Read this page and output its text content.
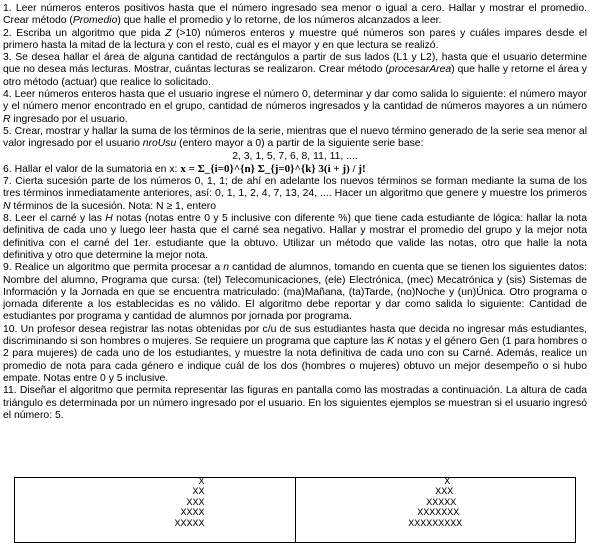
1. Leer números enteros positivos hasta que el número ingresado sea menor o igual a cero. Hallar y mostrar el promedio. Crear método (Promedio) que halle el promedio y lo retorne, de los números alcanzados a leer.

2. Escriba un algoritmo que pida Z (>10) números enteros y muestre qué números son pares y cuáles impares desde el primero hasta la mitad de la lectura y con el resto, cual es el mayor y en que lectura se realizó.

3. Se desea hallar el área de alguna cantidad de rectángulos a partir de sus lados (L1 y L2), hasta que el usuario determine que no desea más lecturas. Mostrar, cuántas lecturas se realizaron. Crear método (procesarArea) que halle y retorne el área y otro método (actuar) que realice lo solicitado.

4. Leer números enteros hasta que el usuario ingrese el número 0, determinar y dar como salida lo siguiente: el número mayor y el número menor encontrado en el grupo, cantidad de números ingresados y la cantidad de números mayores a un número R ingresado por el usuario.

5. Crear, mostrar y hallar la suma de los términos de la serie, mientras que el nuevo término generado de la serie sea menor al valor ingresado por el usuario nroUsu (entero mayor a 0) a partir de la siguiente serie base:

2, 3, 1, 5, 7, 6, 8, 11, 11, ....

6. Hallar el valor de la sumatoria en x: x = Σ_{i=0}^{n} Σ_{j=0}^{k} 3(i + j) / j!

7. Cierta sucesión parte de los números 0, 1, 1; de ahí en adelante los nuevos términos se forman mediante la suma de los tres términos inmediatamente anteriores, así: 0, 1, 1, 2, 4, 7, 13, 24, .... Hacer un algoritmo que genere y muestre los primeros N términos de la sucesión. Nota: N ≥ 1, entero

8. Leer el carné y las H notas (notas entre 0 y 5 inclusive con diferente %) que tiene cada estudiante de lógica: hallar la nota definitiva de cada uno y luego leer hasta que el carné sea negativo. Hallar y mostrar el promedio del grupo y la mejor nota definitiva con el carné del 1er. estudiante que la obtuvo. Utilizar un método que valide las notas, otro que halle la nota definitiva y otro que determine la mejor nota.

9. Realice un algoritmo que permita procesar a n cantidad de alumnos, tomando en cuenta que se tienen los siguientes datos: Nombre del alumno, Programa que cursa: (tel) Telecomunicaciones, (ele) Electrónica, (mec) Mecatrónica y (sis) Sistemas de Información y la Jornada en que se encuentra matriculado: (ma)Mañana, (ta)Tarde, (no)Noche y (un)Única. Otro programa o jornada diferente a los establecidas es no válido. El algoritmo debe reportar y dar como salida lo siguiente: Cantidad de estudiantes por programa y cantidad de alumnos por jornada por programa.

10. Un profesor desea registrar las notas obtenidas por c/u de sus estudiantes hasta que decida no ingresar más estudiantes, discriminando si son hombres o mujeres. Se requiere un programa que capture las K notas y el género Gen (1 para hombres o 2 para mujeres) de cada uno de los estudiantes, y muestre la nota definitiva de cada uno con su Carné. Además, realice un promedio de nota para cada género e indique cuál de los dos (hombres o mujeres) obtuvo un mejor desempeño o si hubo empate. Notas entre 0 y 5 inclusive.

11. Diseñar el algoritmo que permita representar las figuras en pantalla como las mostradas a continuación. La altura de cada triángulo es determinada por un número ingresado por el usuario. En los siguientes ejemplos se muestran si el usuario ingresó el número: 5.

X
XX
XXX
XXXX
XXXXX
X
XXX
XXXXX
XXXXXXX
XXXXXXXXX
